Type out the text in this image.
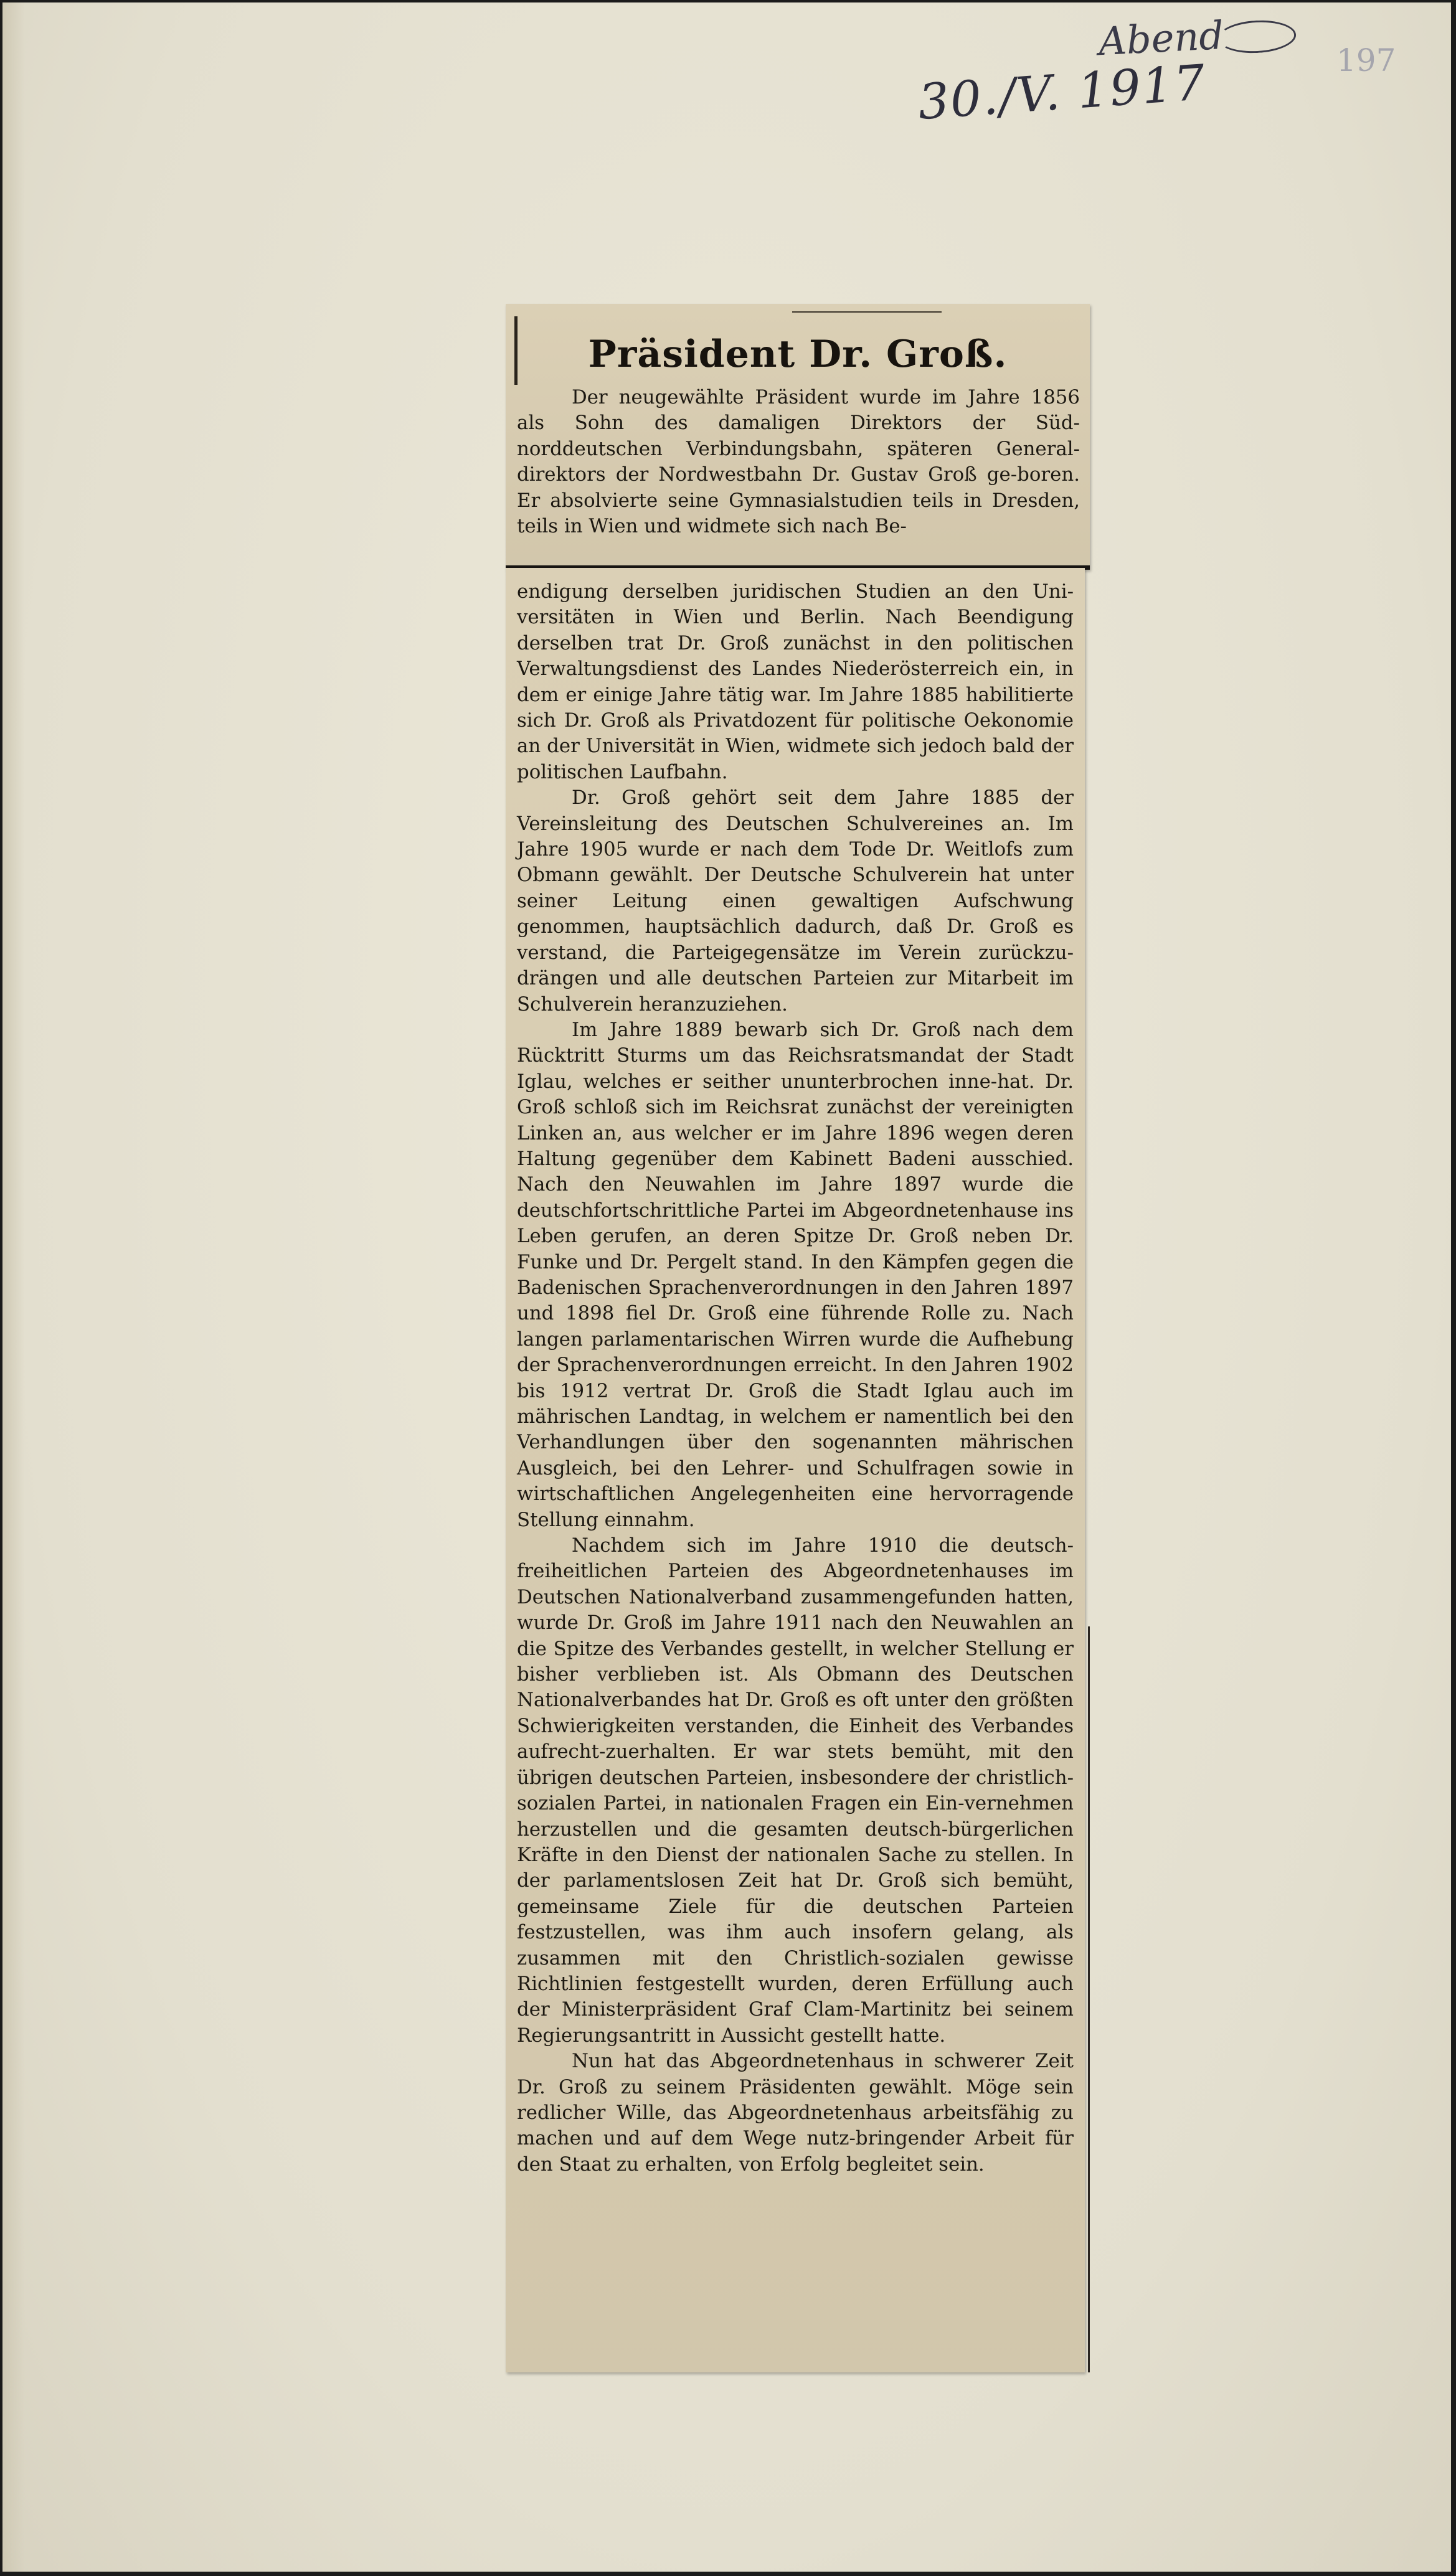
Abend	197
30./V. 1917
Präsident Dr. Groß.

Der neugewählte Präsident wurde im Jahre 1856 als Sohn des damaligen Direktors der Süd-norddeutschen Verbindungsbahn, späteren General-direktors der Nordwestbahn Dr. Gustav Groß ge-boren. Er absolvierte seine Gymnasialstudien teils in Dresden, teils in Wien und widmete sich nach Be-

endigung derselben juridischen Studien an den Uni-versitäten in Wien und Berlin. Nach Beendigung derselben trat Dr. Groß zunächst in den politischen Verwaltungsdienst des Landes Niederösterreich ein, in dem er einige Jahre tätig war. Im Jahre 1885 habilitierte sich Dr. Groß als Privatdozent für politische Oekonomie an der Universität in Wien, widmete sich jedoch bald der politischen Laufbahn.

Dr. Groß gehört seit dem Jahre 1885 der Vereinsleitung des Deutschen Schulvereines an. Im Jahre 1905 wurde er nach dem Tode Dr. Weitlofs zum Obmann gewählt. Der Deutsche Schulverein hat unter seiner Leitung einen gewaltigen Aufschwung genommen, hauptsächlich dadurch, daß Dr. Groß es verstand, die Parteigegensätze im Verein zurückzu-drängen und alle deutschen Parteien zur Mitarbeit im Schulverein heranzuziehen.

Im Jahre 1889 bewarb sich Dr. Groß nach dem Rücktritt Sturms um das Reichsratsmandat der Stadt Iglau, welches er seither ununterbrochen inne-hat. Dr. Groß schloß sich im Reichsrat zunächst der vereinigten Linken an, aus welcher er im Jahre 1896 wegen deren Haltung gegenüber dem Kabinett Badeni ausschied. Nach den Neuwahlen im Jahre 1897 wurde die deutschfortschrittliche Partei im Abgeordnetenhause ins Leben gerufen, an deren Spitze Dr. Groß neben Dr. Funke und Dr. Pergelt stand. In den Kämpfen gegen die Badenischen Sprachenverordnungen in den Jahren 1897 und 1898 fiel Dr. Groß eine führende Rolle zu. Nach langen parlamentarischen Wirren wurde die Aufhebung der Sprachenverordnungen erreicht. In den Jahren 1902 bis 1912 vertrat Dr. Groß die Stadt Iglau auch im mährischen Landtag, in welchem er namentlich bei den Verhandlungen über den sogenannten mährischen Ausgleich, bei den Lehrer- und Schulfragen sowie in wirtschaftlichen Angelegenheiten eine hervorragende Stellung einnahm.

Nachdem sich im Jahre 1910 die deutsch-freiheitlichen Parteien des Abgeordnetenhauses im Deutschen Nationalverband zusammengefunden hatten, wurde Dr. Groß im Jahre 1911 nach den Neuwahlen an die Spitze des Verbandes gestellt, in welcher Stellung er bisher verblieben ist. Als Obmann des Deutschen Nationalverbandes hat Dr. Groß es oft unter den größten Schwierigkeiten verstanden, die Einheit des Verbandes aufrecht-zuerhalten. Er war stets bemüht, mit den übrigen deutschen Parteien, insbesondere der christlich-sozialen Partei, in nationalen Fragen ein Ein-vernehmen herzustellen und die gesamten deutsch-bürgerlichen Kräfte in den Dienst der nationalen Sache zu stellen. In der parlamentslosen Zeit hat Dr. Groß sich bemüht, gemeinsame Ziele für die deutschen Parteien festzustellen, was ihm auch insofern gelang, als zusammen mit den Christlich-sozialen gewisse Richtlinien festgestellt wurden, deren Erfüllung auch der Ministerpräsident Graf Clam-Martinitz bei seinem Regierungsantritt in Aussicht gestellt hatte.

Nun hat das Abgeordnetenhaus in schwerer Zeit Dr. Groß zu seinem Präsidenten gewählt. Möge sein redlicher Wille, das Abgeordnetenhaus arbeitsfähig zu machen und auf dem Wege nutz-bringender Arbeit für den Staat zu erhalten, von Erfolg begleitet sein.
